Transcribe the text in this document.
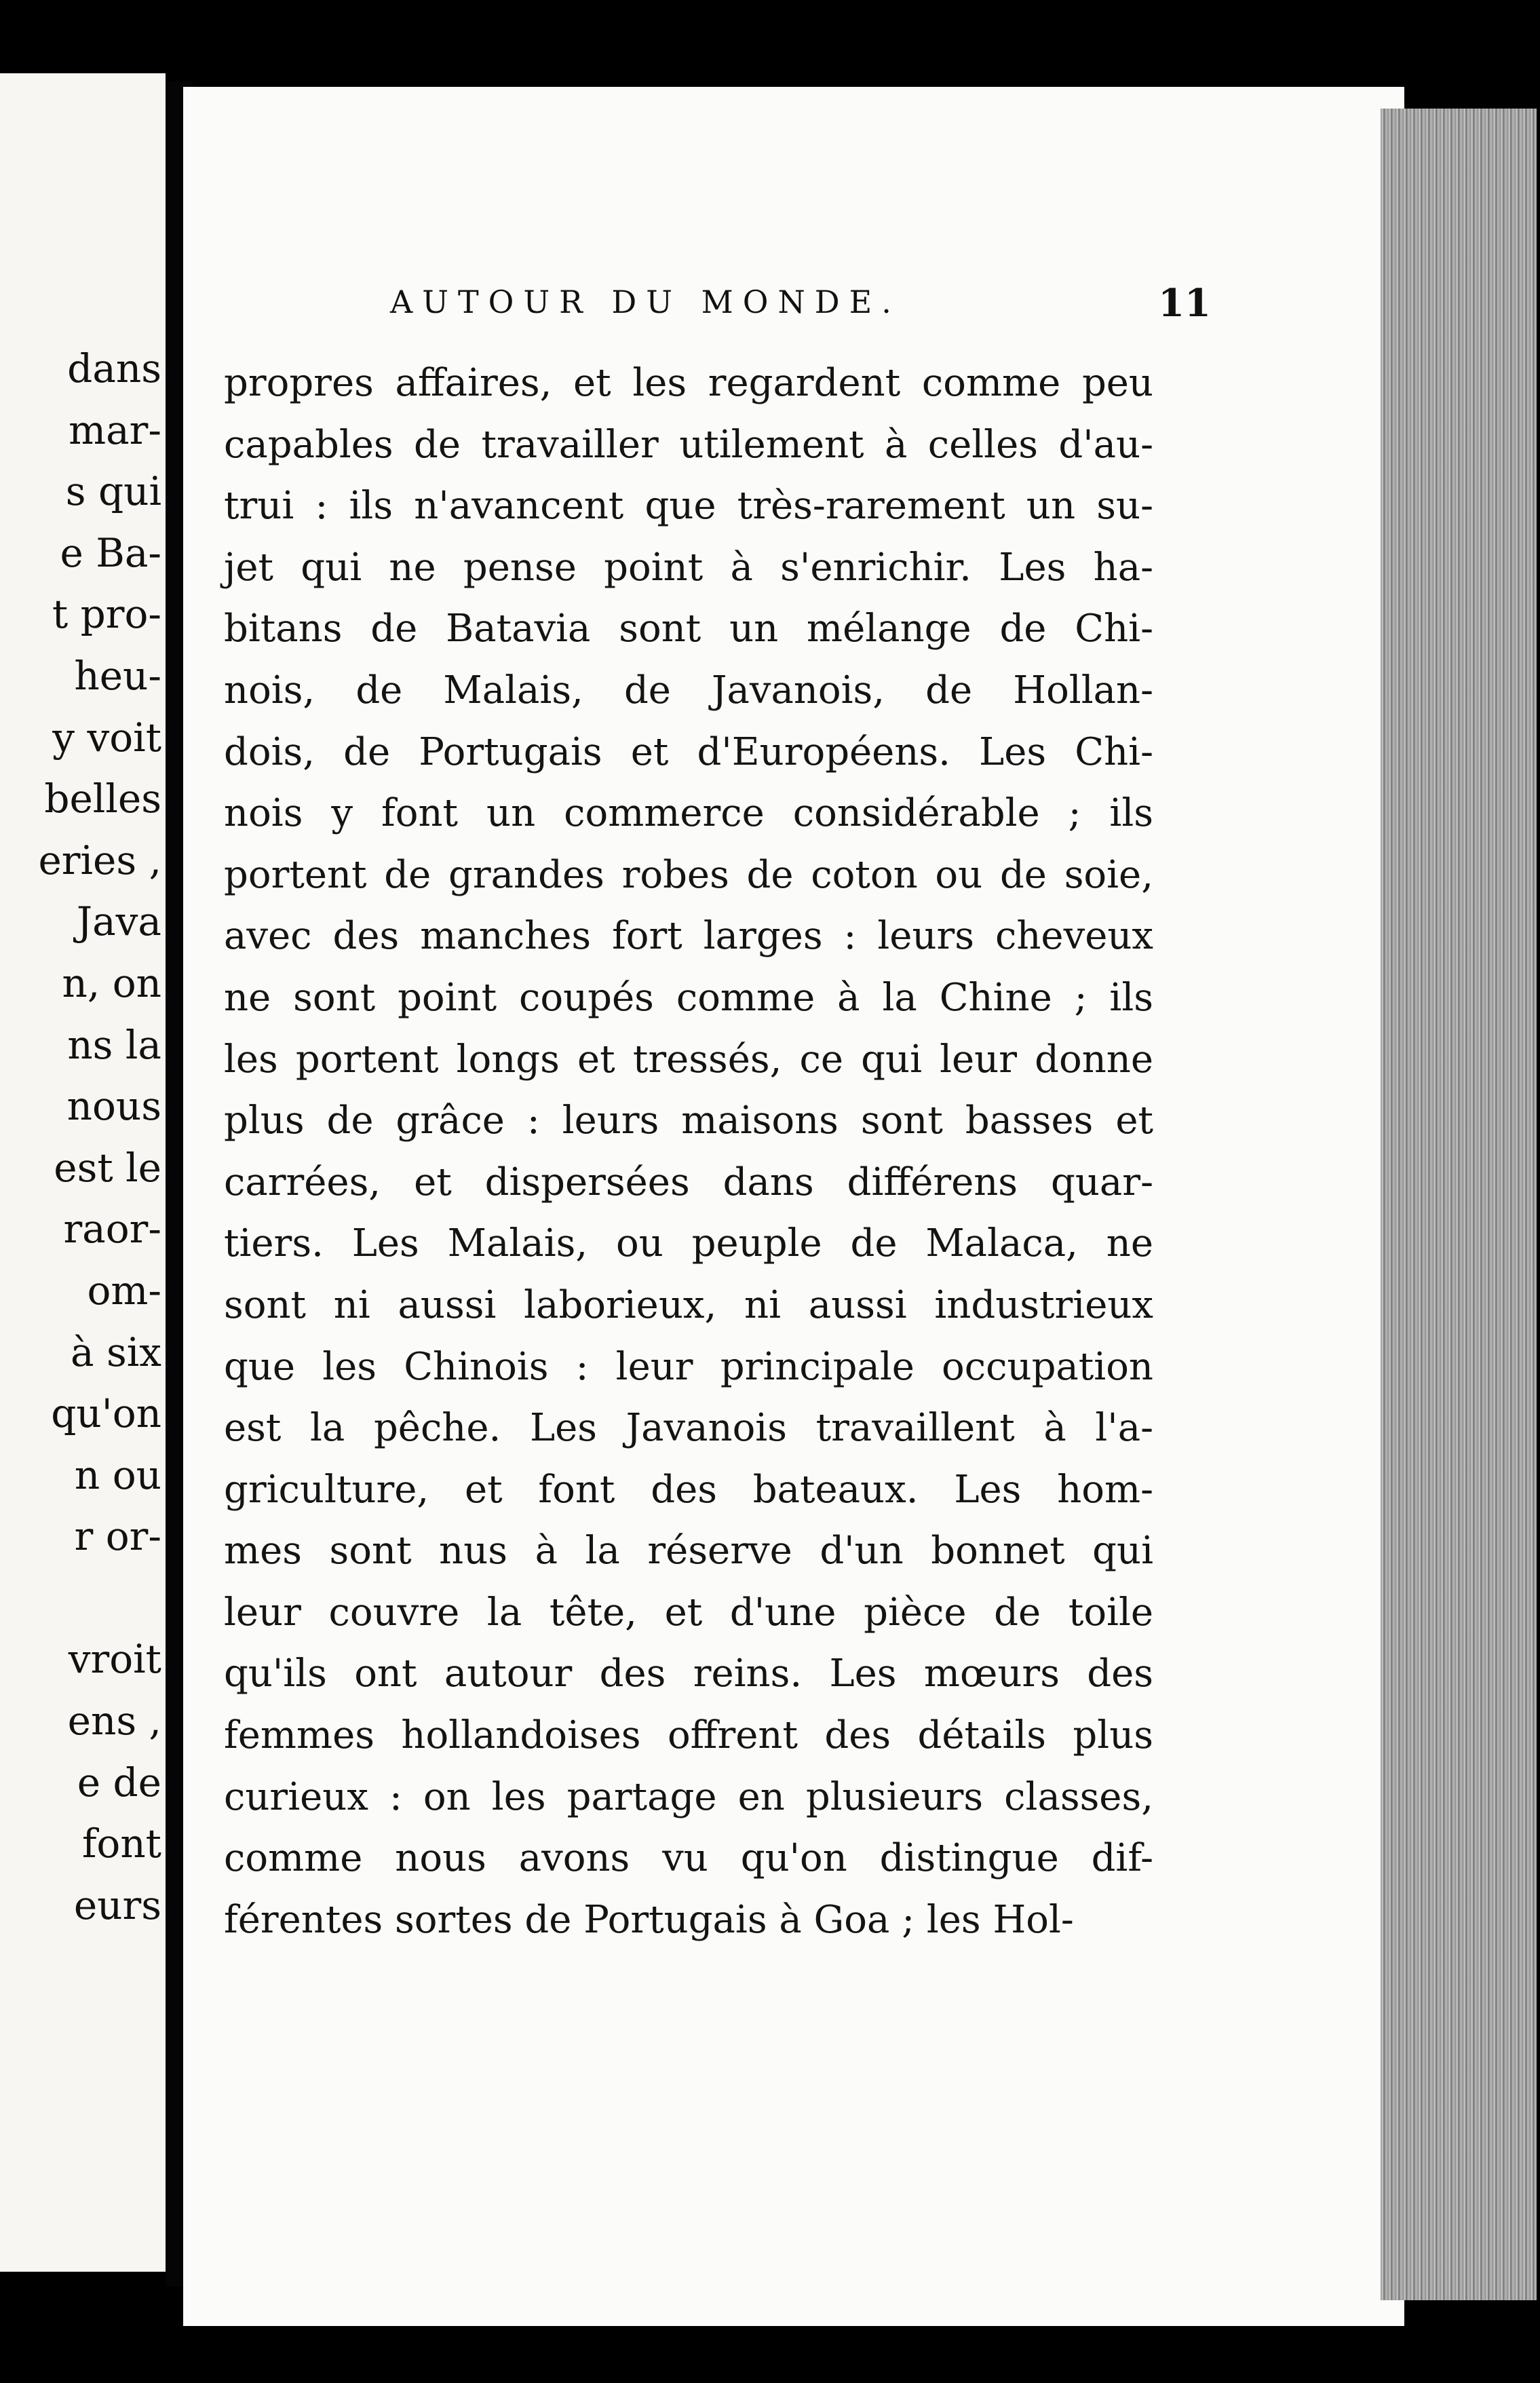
dans
mar-
s qui
e Ba-
t pro-
heu-
y voit
belles
eries ,
Java
n, on
ns la
nous
est le
raor-
om-
à six
qu'on
n ou
r or-
vroit
ens ,
e de
font
eurs
AUTOUR DU MONDE.	11
propres affaires, et les regardent comme peu
capables de travailler utilement à celles d'au-
trui : ils n'avancent que très-rarement un su-
jet qui ne pense point à s'enrichir. Les ha-
bitans de Batavia sont un mélange de Chi-
nois, de Malais, de Javanois, de Hollan-
dois, de Portugais et d'Européens. Les Chi-
nois y font un commerce considérable ; ils
portent de grandes robes de coton ou de soie,
avec des manches fort larges : leurs cheveux
ne sont point coupés comme à la Chine ; ils
les portent longs et tressés, ce qui leur donne
plus de grâce : leurs maisons sont basses et
carrées, et dispersées dans différens quar-
tiers. Les Malais, ou peuple de Malaca, ne
sont ni aussi laborieux, ni aussi industrieux
que les Chinois : leur principale occupation
est la pêche. Les Javanois travaillent à l'a-
griculture, et font des bateaux. Les hom-
mes sont nus à la réserve d'un bonnet qui
leur couvre la tête, et d'une pièce de toile
qu'ils ont autour des reins. Les mœurs des
femmes hollandoises offrent des détails plus
curieux : on les partage en plusieurs classes,
comme nous avons vu qu'on distingue dif-
férentes sortes de Portugais à Goa ; les Hol-
